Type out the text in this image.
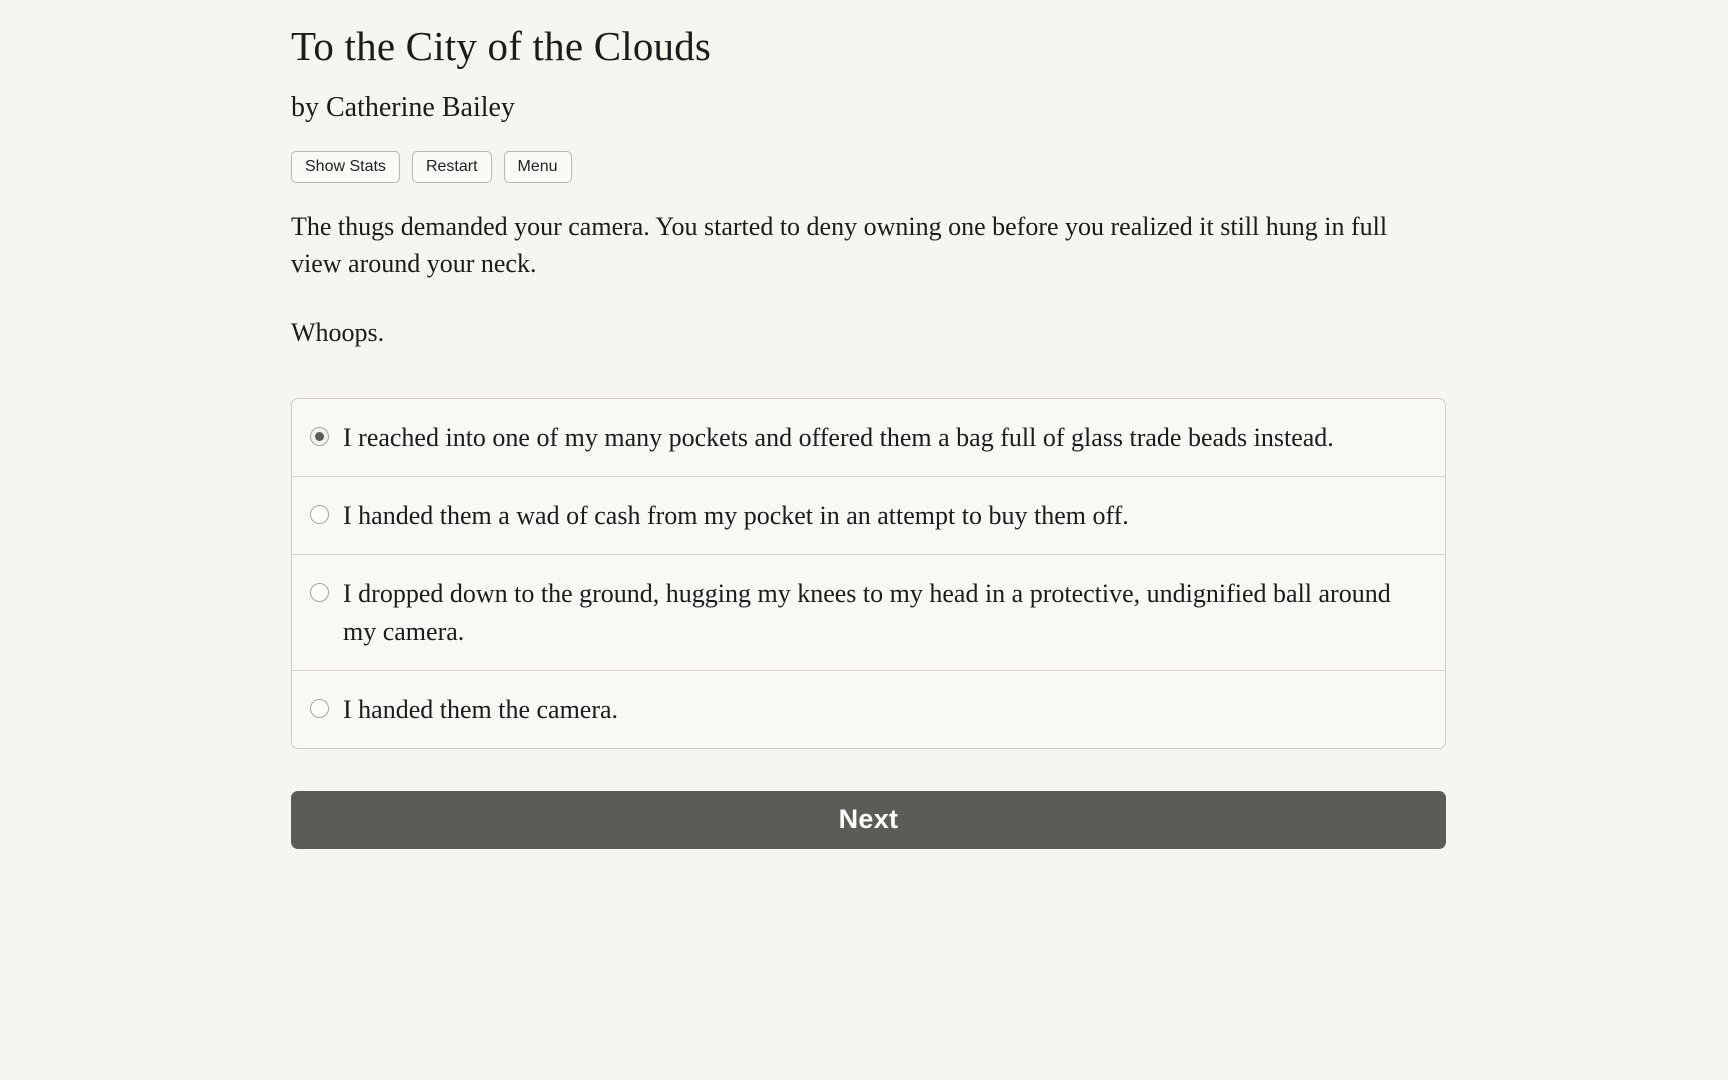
To the City of the Clouds

by Catherine Bailey

Show Stats	Restart	Menu

The thugs demanded your camera. You started to deny owning one before you realized it still hung in full view around your neck.

Whoops.

I reached into one of my many pockets and offered them a bag full of glass trade beads instead.
I handed them a wad of cash from my pocket in an attempt to buy them off.
I dropped down to the ground, hugging my knees to my head in a protective, undignified ball around my camera.
I handed them the camera.
Next
